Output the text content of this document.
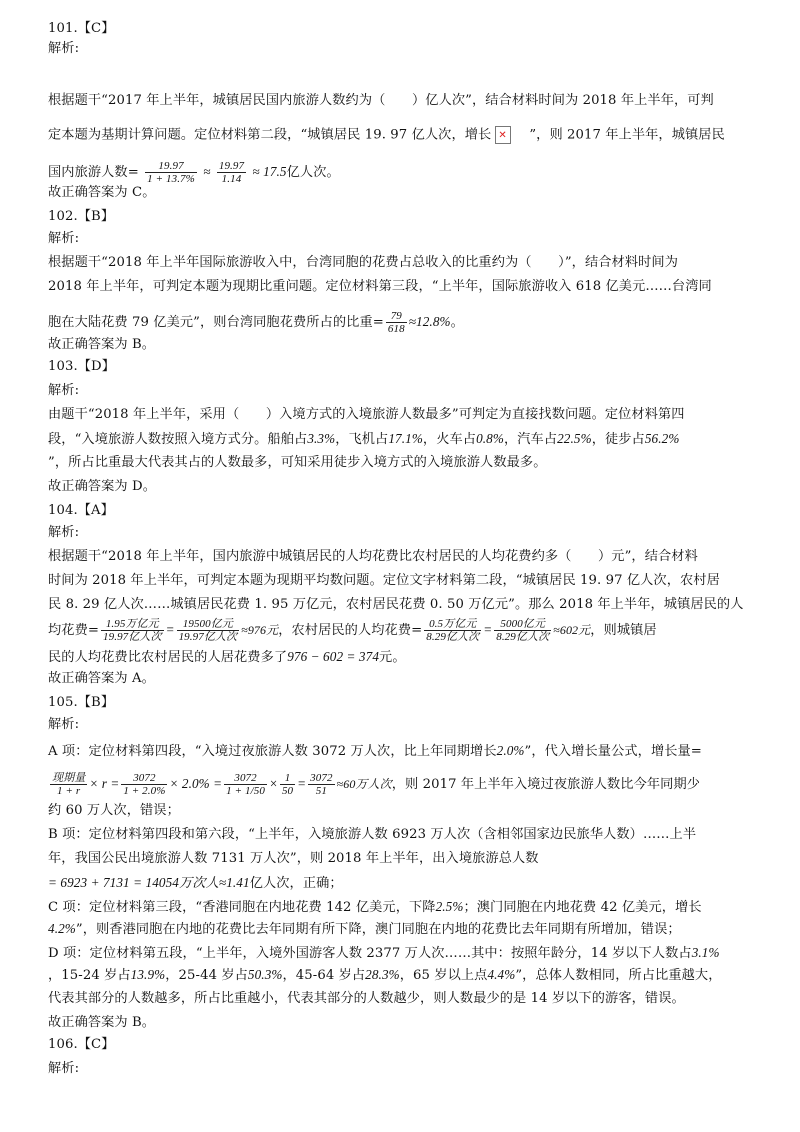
101.【C】
解析:
根据题干“2017 年上半年，城镇居民国内旅游人数约为（　　）亿人次”，结合材料时间为 2018 年上半年，可判
定本题为基期计算问题。定位材料第二段，“城镇居民 19. 97 亿人次，增长✕	”，则 2017 年上半年，城镇居民
国内旅游人数= $\frac{19.97}{1 + 13.7\%} \approx \frac{19.97}{1.14} \approx 17.5$亿人次。
故正确答案为 C。
102.【B】
解析:
根据题干“2018 年上半年国际旅游收入中，台湾同胞的花费占总收入的比重约为（　　）”，结合材料时间为
2018 年上半年，可判定本题为现期比重问题。定位材料第三段，“上半年，国际旅游收入 618 亿美元……台湾同
胞在大陆花费 79 亿美元”，则台湾同胞花费所占的比重= $\frac{79}{618} \approx 12.8\%$。
故正确答案为 B。
103.【D】
解析:
由题干“2018 年上半年，采用（　　）入境方式的入境旅游人数最多”可判定为直接找数问题。定位材料第四
段，“入境旅游人数按照入境方式分。船舶占3.3%，飞机占17.1%，火车占0.8%，汽车占22.5%，徒步占56.2%
”，所占比重最大代表其占的人数最多，可知采用徒步入境方式的入境旅游人数最多。
故正确答案为 D。
104.【A】
解析:
根据题干“2018 年上半年，国内旅游中城镇居民的人均花费比农村居民的人均花费约多（　　）元”，结合材料
时间为 2018 年上半年，可判定本题为现期平均数问题。定位文字材料第二段，“城镇居民 19. 97 亿人次，农村居
民 8. 29 亿人次……城镇居民花费 1. 95 万亿元，农村居民花费 0. 50 万亿元”。那么 2018 年上半年，城镇居民的人
均花费= $\frac{\text{1.95万亿元}}{\text{19.97亿人次}} = \frac{\text{19500亿元}}{\text{19.97亿人次}} \approx 976$元，农村居民的人均花费= $\frac{\text{0.5万亿元}}{\text{8.29亿人次}} = \frac{\text{5000亿元}}{\text{8.29亿人次}} \approx 602$元，则城镇居
民的人均花费比农村居民的人居花费多了976 − 602 = 374元。
故正确答案为 A。
105.【B】
解析:
A 项：定位材料第四段，“入境过夜旅游人数 3072 万人次，比上年同期增长2.0%”，代入增长量公式，增长量=
$\frac{\text{现期量}}{1 + r} \times r = \frac{3072}{1 + 2.0\%} \times 2.0\% = \frac{3072}{1 + 1/50} \times \frac{1}{50} = \frac{3072}{51} \approx 60$万人次，则 2017 年上半年入境过夜旅游人数比今年同期少
约 60 万人次，错误；
B 项：定位材料第四段和第六段，“上半年，入境旅游人数 6923 万人次（含相邻国家边民旅华人数）……上半
年，我国公民出境旅游人数 7131 万人次”，则 2018 年上半年，出入境旅游总人数
= 6923 + 7131 = 14054万次人≈1.41亿人次，正确；
C 项：定位材料第三段，“香港同胞在内地花费 142 亿美元，下降2.5%；澳门同胞在内地花费 42 亿美元，增长
4.2%”，则香港同胞在内地的花费比去年同期有所下降，澳门同胞在内地的花费比去年同期有所增加，错误；
D 项：定位材料第五段，“上半年，入境外国游客人数 2377 万人次……其中：按照年龄分，14 岁以下人数占3.1%
，15-24 岁占13.9%，25-44 岁占50.3%，45-64 岁占28.3%，65 岁以上点4.4%”，总体人数相同，所占比重越大，
代表其部分的人数越多，所占比重越小，代表其部分的人数越少，则人数最少的是 14 岁以下的游客，错误。
故正确答案为 B。
106.【C】
解析:
